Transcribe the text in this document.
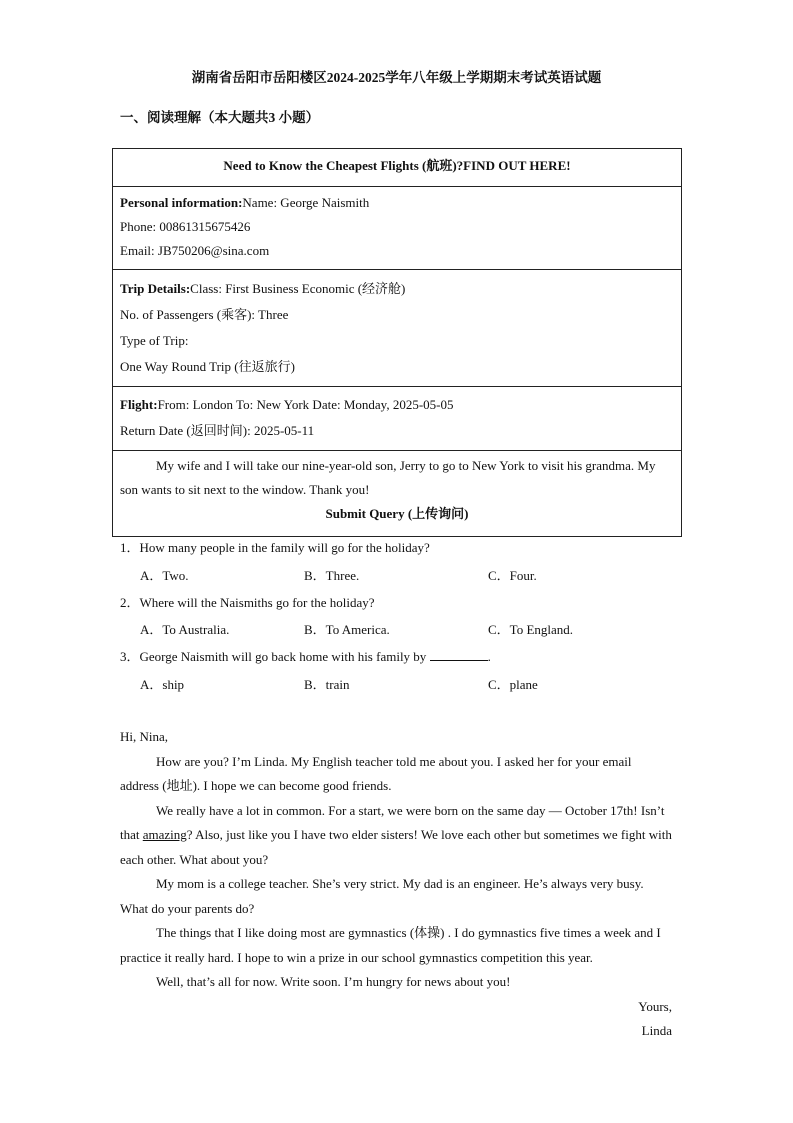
湖南省岳阳市岳阳楼区2024-2025学年八年级上学期期末考试英语试题
一、阅读理解（本大题共3 小题）
Need to Know the Cheapest Flights (航班)?FIND OUT HERE!
Personal information:Name: George Naismith
Phone: 00861315675426
Email: JB750206@sina.com
Trip Details:Class: First Business Economic (经济舱)
No. of Passengers (乘客): Three
Type of Trip:
One Way Round Trip (往返旅行)
Flight:From: London To: New York Date: Monday, 2025-05-05
Return Date (返回时间): 2025-05-11
My wife and I will take our nine-year-old son, Jerry to go to New York to visit his grandma. My son wants to sit next to the window. Thank you!
Submit Query (上传询问)
1．How many people in the family will go for the holiday?
A．Two.	B．Three.	C．Four.
2．Where will the Naismiths go for the holiday?
A．To Australia.	B．To America.	C．To England.
3．George Naismith will go back home with his family by	.
A．ship	B．train	C．plane

Hi, Nina,

How are you? I’m Linda. My English teacher told me about you. I asked her for your email address (地址). I hope we can become good friends.

We really have a lot in common. For a start, we were born on the same day — October 17th! Isn’t that amazing? Also, just like you I have two elder sisters! We love each other but sometimes we fight with each other. What about you?

My mom is a college teacher. She’s very strict. My dad is an engineer. He’s always very busy. What do your parents do?

The things that I like doing most are gymnastics (体操) . I do gymnastics five times a week and I practice it really hard. I hope to win a prize in our school gymnastics competition this year.

Well, that’s all for now. Write soon. I’m hungry for news about you!

Yours,

Linda
